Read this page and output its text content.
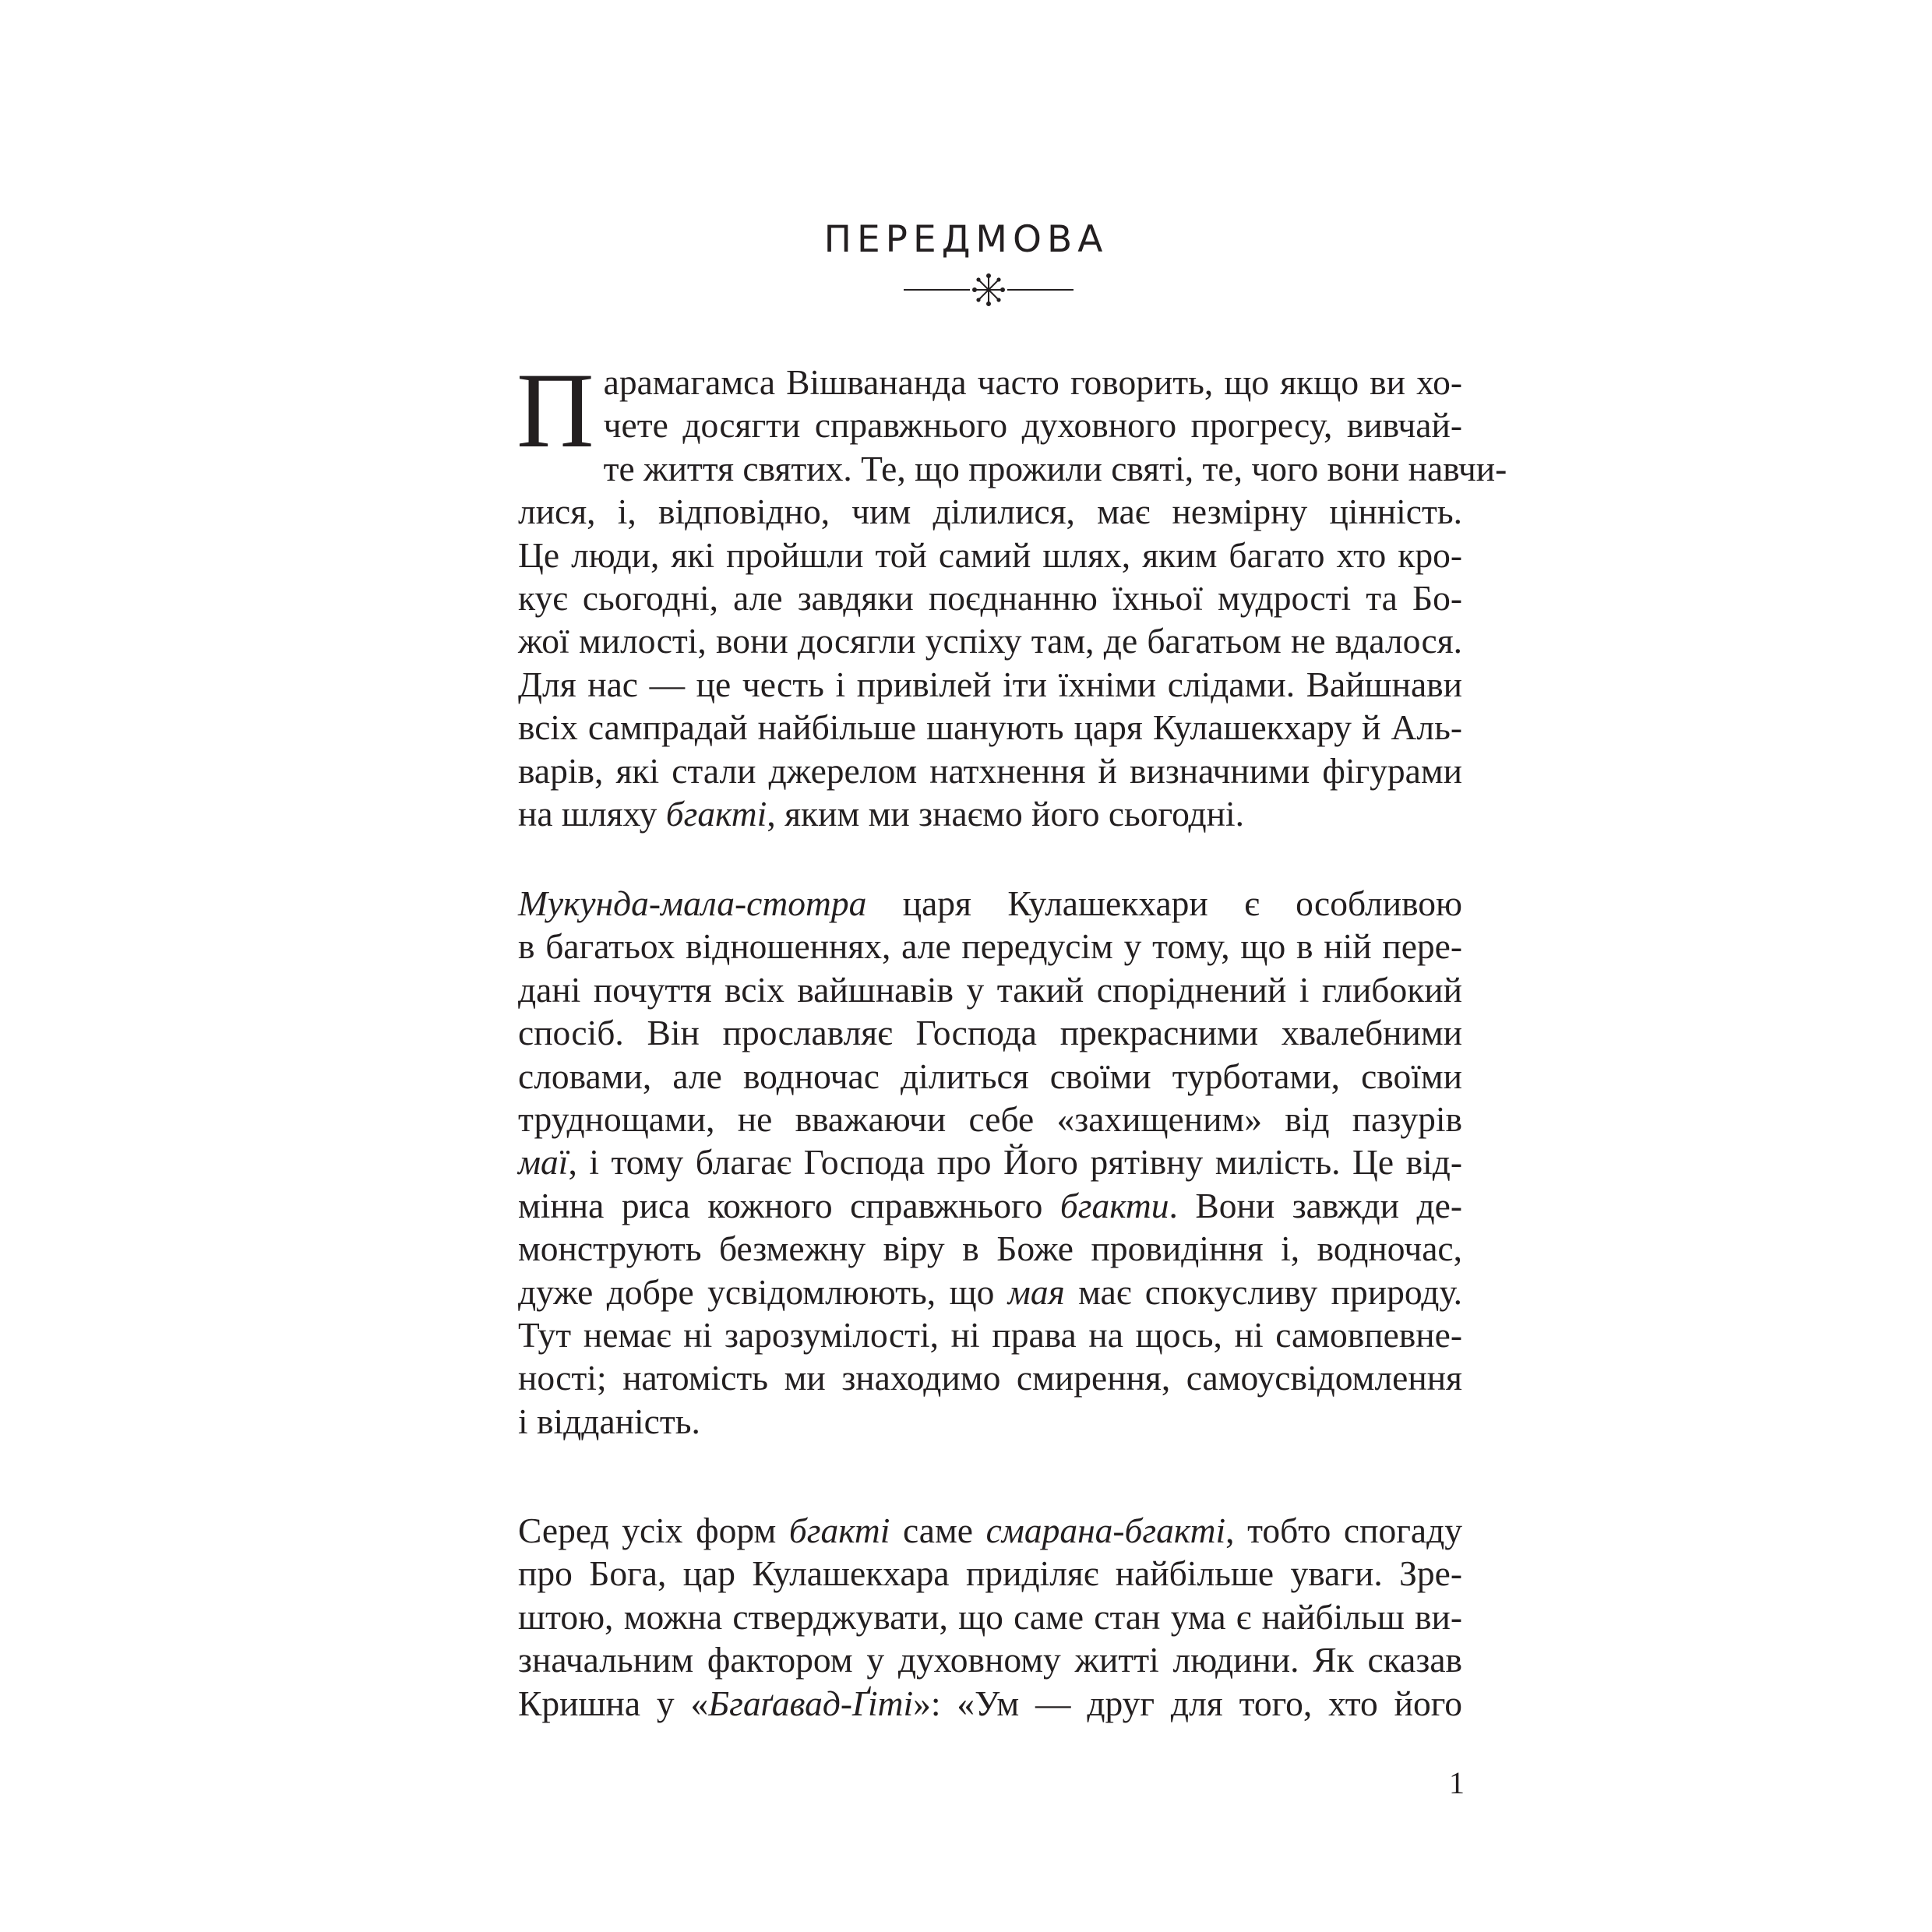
ПЕРЕДМОВА
П арамагамса Вішвананда часто говорить, що якщо ви хо-
чете досягти справжнього духовного прогресу, вивчай-
те життя святих. Те, що прожили святі, те, чого вони навчи-
лися, і, відповідно, чим ділилися, має незмірну цінність.
Це люди, які пройшли той самий шлях, яким багато хто кро-
кує сьогодні, але завдяки поєднанню їхньої мудрості та Бо-
жої милості, вони досягли успіху там, де багатьом не вдалося.
Для нас — це честь і привілей іти їхніми слідами. Вайшнави
всіх сампрадай найбільше шанують царя Кулашекхару й Аль-
варів, які стали джерелом натхнення й визначними фігурами
на шляху бгакті, яким ми знаємо його сьогодні.
Мукунда-мала-стотра царя Кулашекхари є особливою
в багатьох відношеннях, але передусім у тому, що в ній пере-
дані почуття всіх вайшнавів у такий споріднений і глибокий
спосіб. Він прославляє Господа прекрасними хвалебними
словами, але водночас ділиться своїми турботами, своїми
труднощами, не вважаючи себе «захищеним» від пазурів
маї, і тому благає Господа про Його рятівну милість. Це від-
мінна риса кожного справжнього бгакти. Вони завжди де-
монструють безмежну віру в Боже провидіння і, водночас,
дуже добре усвідомлюють, що мая має спокусливу природу.
Тут немає ні зарозумілості, ні права на щось, ні самовпевне-
ності; натомість ми знаходимо смирення, самоусвідомлення
і відданість.
Серед усіх форм бгакті саме смарана-бгакті, тобто спогаду
про Бога, цар Кулашекхара приділяє найбільше уваги. Зре-
штою, можна стверджувати, що саме стан ума є найбільш ви-
значальним фактором у духовному житті людини. Як сказав
Кришна у «Бгаґавад-Ґіті»: «Ум — друг для того, хто його
1
